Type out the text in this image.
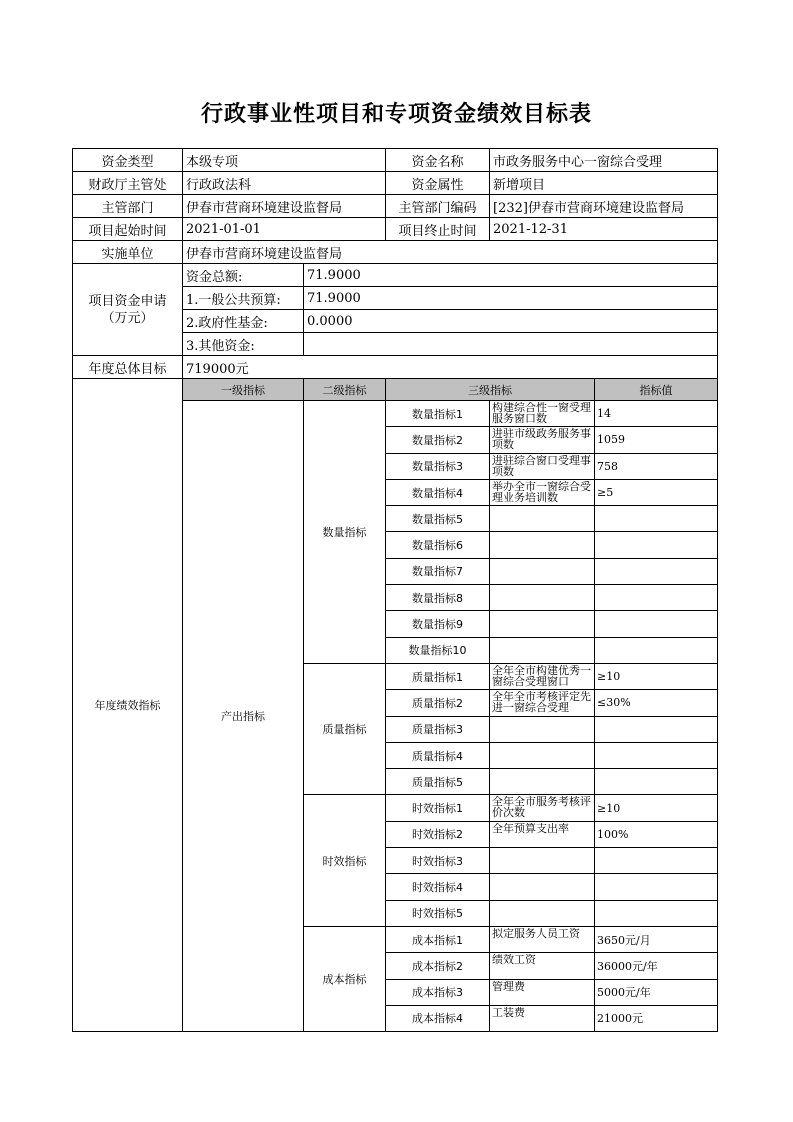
行政事业性项目和专项资金绩效目标表
资金类型	本级专项		资金名称	市政务服务中心一窗综合受理	
财政厅主管处	行政政法科		资金属性	新增项目	
主管部门	伊春市营商环境建设监督局		主管部门编码	[232]伊春市营商环境建设监督局	
项目起始时间	2021-01-01		项目终止时间	2021-12-31	
实施单位	伊春市营商环境建设监督局				

项目资金申请（万元）	资金总额:	71.9000			
	1.一般公共预算:	71.9000			
	2.政府性基金:	0.0000			
	3.其他资金:				
年度总体目标	719000元				
年度绩效指标	一级指标	二级指标	三级指标		指标值
	产出指标	数量指标	数量指标1	构建综合性一窗受理服务窗口数	14
			数量指标2	进驻市级政务服务事项数	1059
			数量指标3	进驻综合窗口受理事项数	758
			数量指标4	举办全市一窗综合受理业务培训数	≥5
			数量指标5	

			数量指标6	

			数量指标7	

			数量指标8	

			数量指标9	

			数量指标10	

		质量指标	质量指标1	全年全市构建优秀一窗综合受理窗口	≥10
			质量指标2	全年全市考核评定先进一窗综合受理	≤30%
			质量指标3	

			质量指标4	

			质量指标5	

		时效指标	时效指标1	全年全市服务考核评价次数	≥10
			时效指标2	全年预算支出率	100%
			时效指标3	

			时效指标4	

			时效指标5	

		成本指标	成本指标1	拟定服务人员工资	3650元/月
			成本指标2	绩效工资	36000元/年
			成本指标3	管理费	5000元/年
			成本指标4	工装费	21000元
